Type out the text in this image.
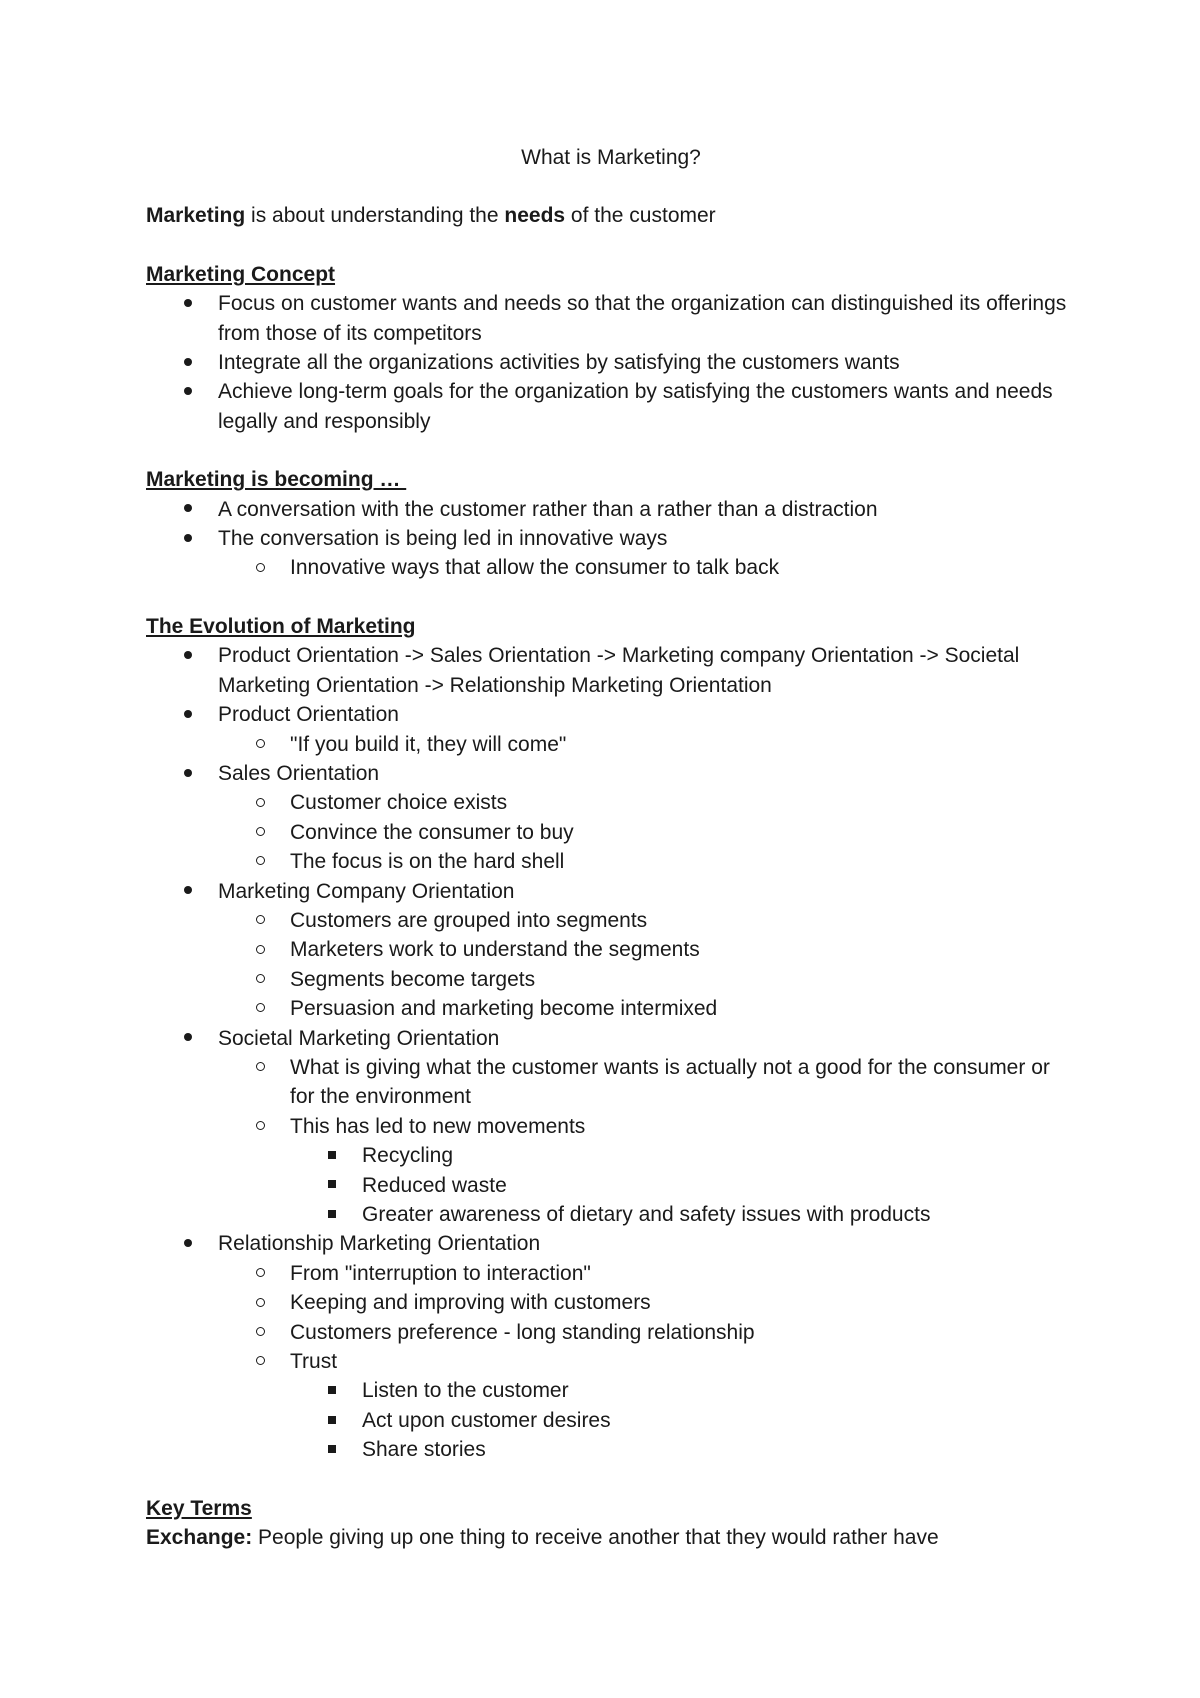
What is Marketing?

Marketing is about understanding the needs of the customer

Marketing Concept

Focus on customer wants and needs so that the organization can distinguished its offerings from those of its competitors
Integrate all the organizations activities by satisfying the customers wants
Achieve long-term goals for the organization by satisfying the customers wants and needs legally and responsibly

Marketing is becoming …

A conversation with the customer rather than a rather than a distraction
The conversation is being led in innovative ways
Innovative ways that allow the consumer to talk back

The Evolution of Marketing

Product Orientation -> Sales Orientation -> Marketing company Orientation -> Societal Marketing Orientation -> Relationship Marketing Orientation
Product Orientation
"If you build it, they will come"
Sales Orientation
Customer choice exists
Convince the consumer to buy
The focus is on the hard shell
Marketing Company Orientation
Customers are grouped into segments
Marketers work to understand the segments
Segments become targets
Persuasion and marketing become intermixed
Societal Marketing Orientation
What is giving what the customer wants is actually not a good for the consumer or for the environment
This has led to new movements
Recycling
Reduced waste
Greater awareness of dietary and safety issues with products
Relationship Marketing Orientation
From "interruption to interaction"
Keeping and improving with customers
Customers preference - long standing relationship
Trust
Listen to the customer
Act upon customer desires
Share stories

Key Terms

Exchange: People giving up one thing to receive another that they would rather have
